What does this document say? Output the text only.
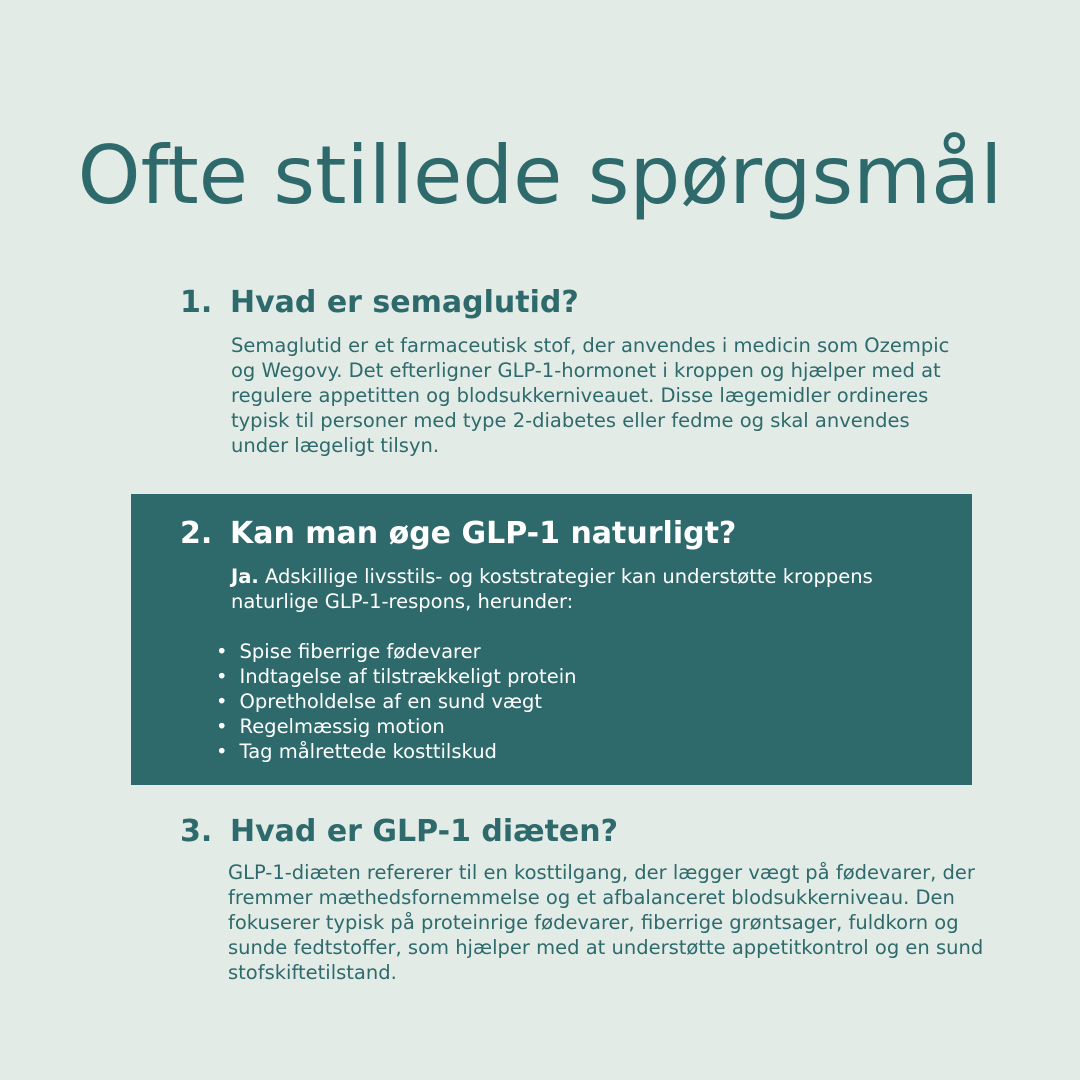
Ofte stillede spørgsmål
1. Hvad er semaglutid?

Semaglutid er et farmaceutisk stof, der anvendes i medicin som Ozempic og Wegovy. Det efterligner GLP-1-hormonet i kroppen og hjælper med at regulere appetitten og blodsukkerniveauet. Disse lægemidler ordineres typisk til personer med type 2-diabetes eller fedme og skal anvendes under lægeligt tilsyn.

2. Kan man øge GLP-1 naturligt?

Ja. Adskillige livsstils- og koststrategier kan understøtte kroppens naturlige GLP-1-respons, herunder:

• Spise fiberrige fødevarer
• Indtagelse af tilstrækkeligt protein
• Opretholdelse af en sund vægt
• Regelmæssig motion
• Tag målrettede kosttilskud
3. Hvad er GLP-1 diæten?

GLP-1-diæten refererer til en kosttilgang, der lægger vægt på fødevarer, der fremmer mæthedsfornemmelse og et afbalanceret blodsukkerniveau. Den fokuserer typisk på proteinrige fødevarer, fiberrige grøntsager, fuldkorn og sunde fedtstoffer, som hjælper med at understøtte appetitkontrol og en sund stofskiftetilstand.
